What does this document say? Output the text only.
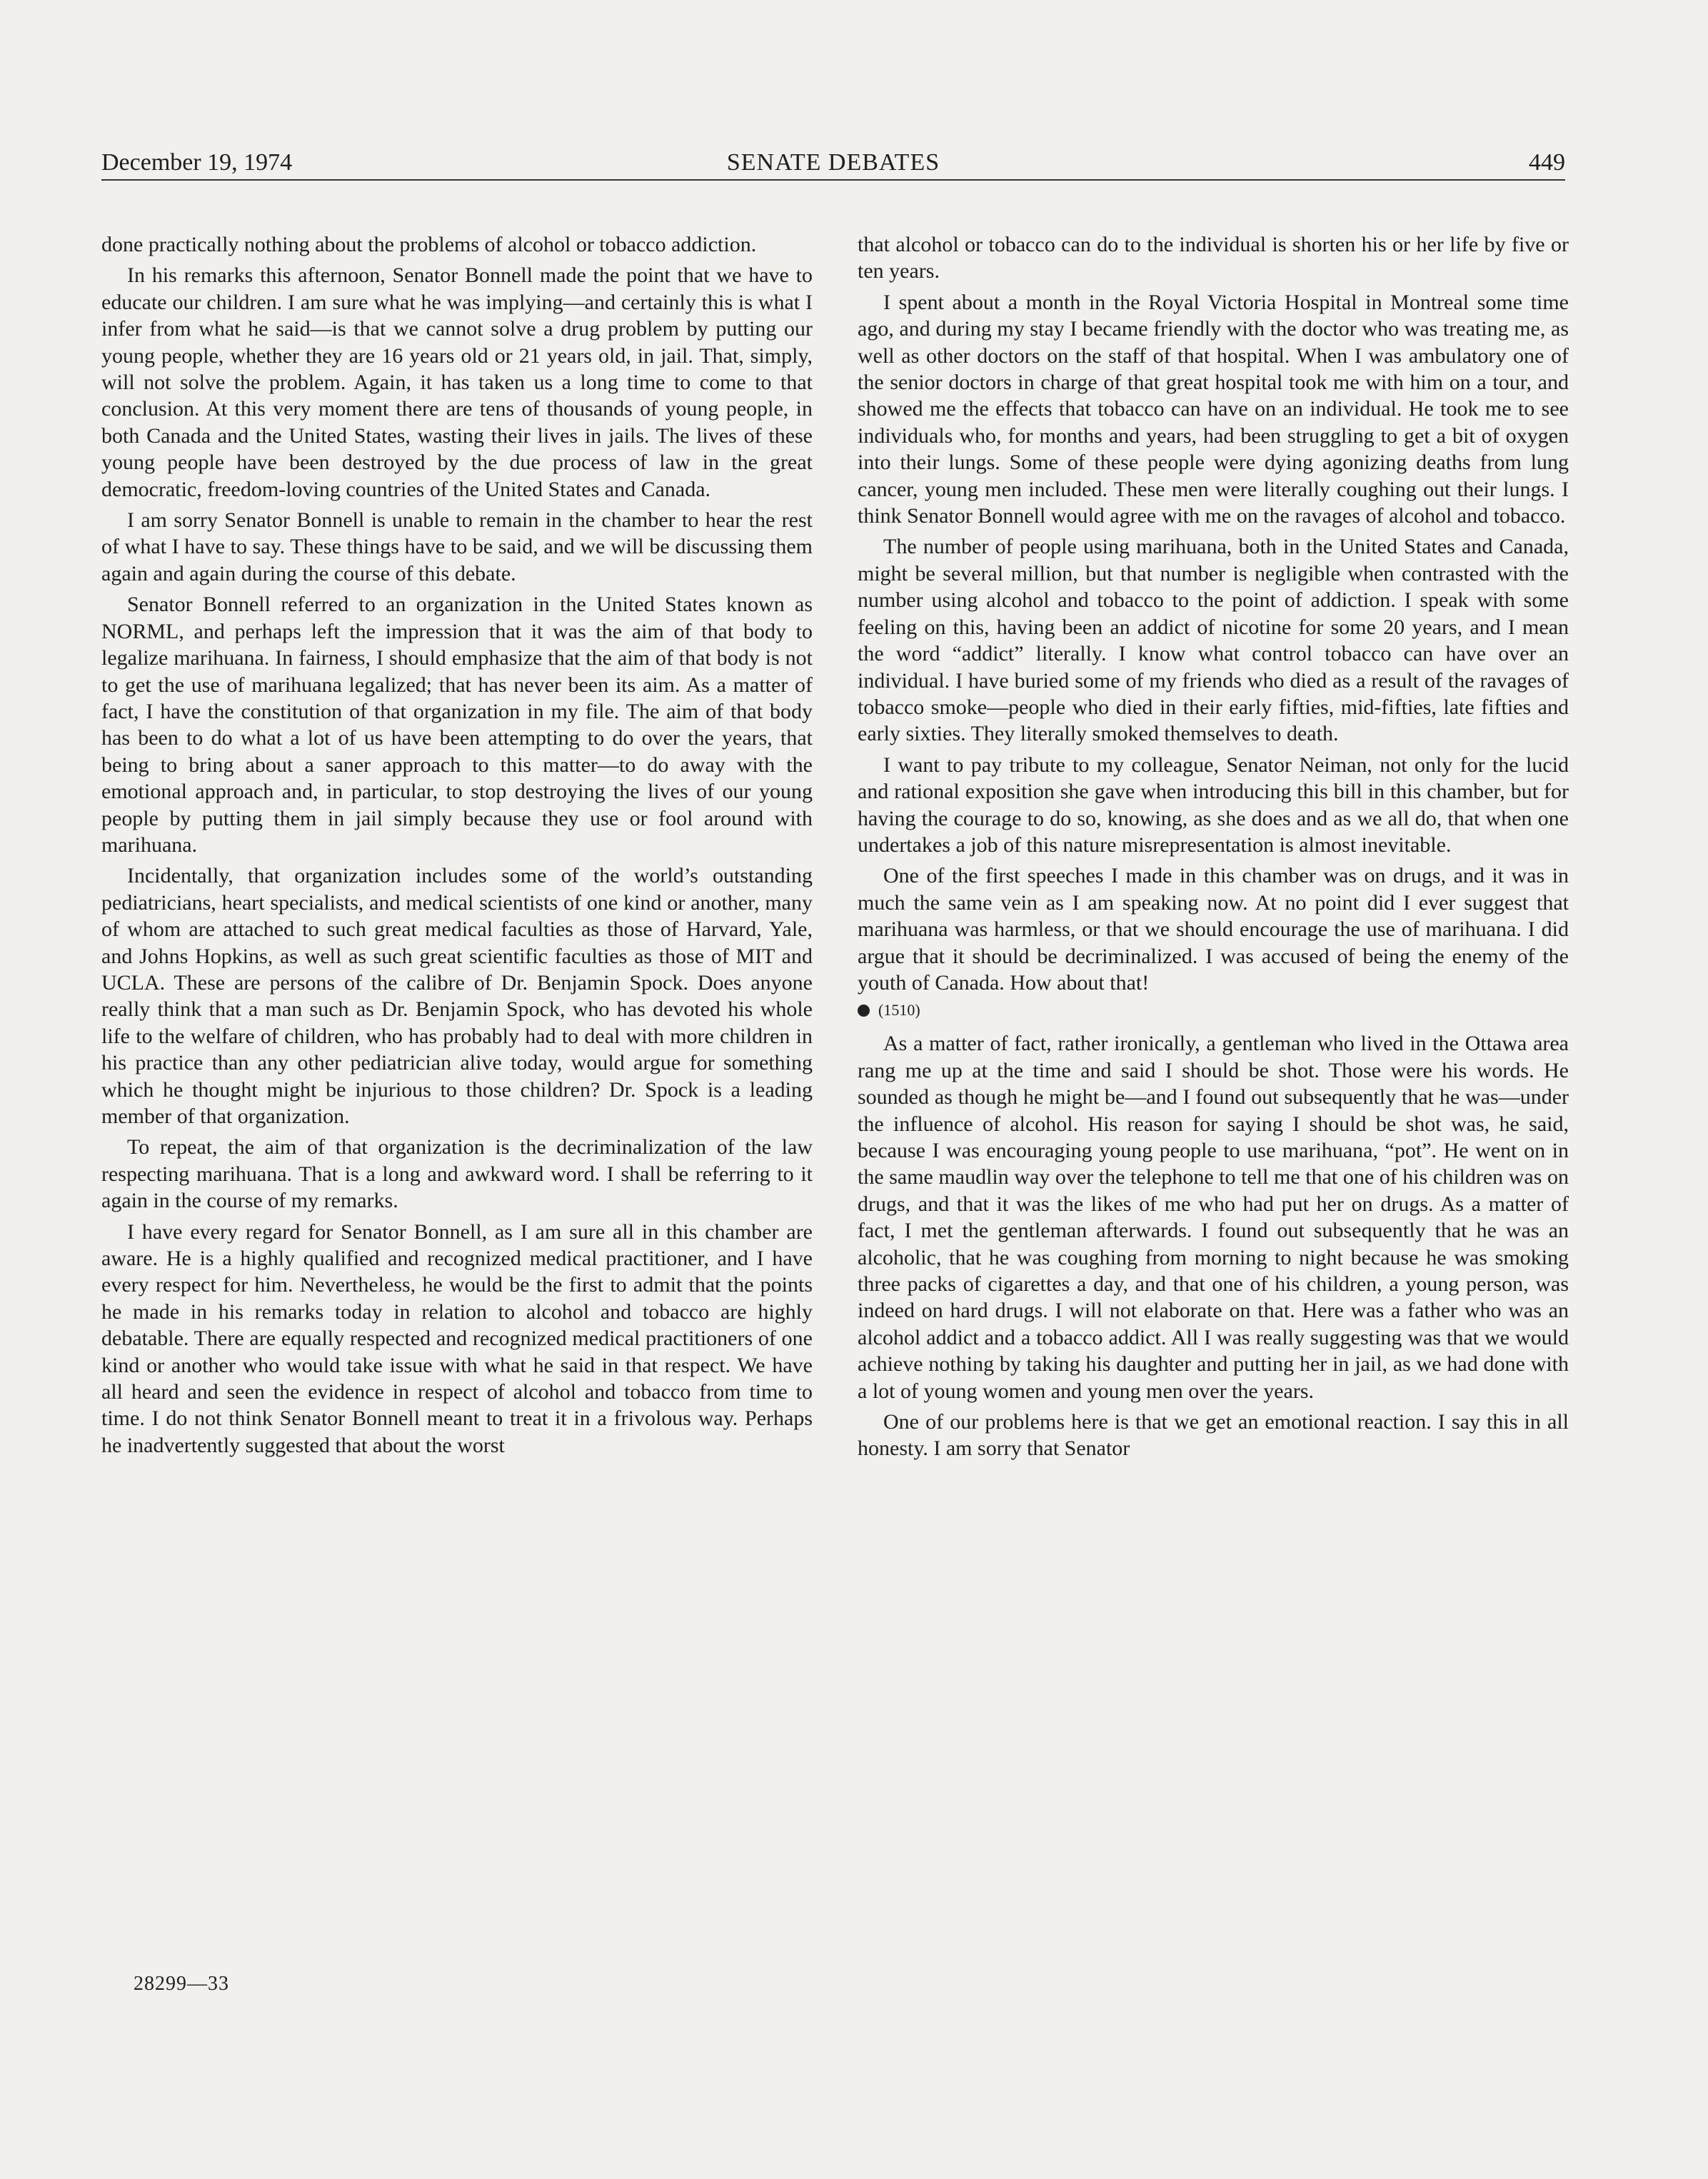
December 19, 1974	SENATE DEBATES	449

done practically nothing about the problems of alcohol or tobacco addiction.

In his remarks this afternoon, Senator Bonnell made the point that we have to educate our children. I am sure what he was implying—and certainly this is what I infer from what he said—is that we cannot solve a drug problem by putting our young people, whether they are 16 years old or 21 years old, in jail. That, simply, will not solve the problem. Again, it has taken us a long time to come to that conclusion. At this very moment there are tens of thousands of young people, in both Canada and the United States, wasting their lives in jails. The lives of these young people have been destroyed by the due process of law in the great democratic, freedom-loving countries of the United States and Canada.

I am sorry Senator Bonnell is unable to remain in the chamber to hear the rest of what I have to say. These things have to be said, and we will be discussing them again and again during the course of this debate.

Senator Bonnell referred to an organization in the United States known as NORML, and perhaps left the impression that it was the aim of that body to legalize marihuana. In fairness, I should emphasize that the aim of that body is not to get the use of marihuana legalized; that has never been its aim. As a matter of fact, I have the constitution of that organization in my file. The aim of that body has been to do what a lot of us have been attempting to do over the years, that being to bring about a saner approach to this matter—to do away with the emotional approach and, in particular, to stop destroying the lives of our young people by putting them in jail simply because they use or fool around with marihuana.

Incidentally, that organization includes some of the world’s outstanding pediatricians, heart specialists, and medical scientists of one kind or another, many of whom are attached to such great medical faculties as those of Harvard, Yale, and Johns Hopkins, as well as such great scientific faculties as those of MIT and UCLA. These are persons of the calibre of Dr. Benjamin Spock. Does anyone really think that a man such as Dr. Benjamin Spock, who has devoted his whole life to the welfare of children, who has probably had to deal with more children in his practice than any other pediatrician alive today, would argue for something which he thought might be injurious to those children? Dr. Spock is a leading member of that organization.

To repeat, the aim of that organization is the decriminalization of the law respecting marihuana. That is a long and awkward word. I shall be referring to it again in the course of my remarks.

I have every regard for Senator Bonnell, as I am sure all in this chamber are aware. He is a highly qualified and recognized medical practitioner, and I have every respect for him. Nevertheless, he would be the first to admit that the points he made in his remarks today in relation to alcohol and tobacco are highly debatable. There are equally respected and recognized medical practitioners of one kind or another who would take issue with what he said in that respect. We have all heard and seen the evidence in respect of alcohol and tobacco from time to time. I do not think Senator Bonnell meant to treat it in a frivolous way. Perhaps he inadvertently suggested that about the worst

that alcohol or tobacco can do to the individual is shorten his or her life by five or ten years.

I spent about a month in the Royal Victoria Hospital in Montreal some time ago, and during my stay I became friendly with the doctor who was treating me, as well as other doctors on the staff of that hospital. When I was ambulatory one of the senior doctors in charge of that great hospital took me with him on a tour, and showed me the effects that tobacco can have on an individual. He took me to see individuals who, for months and years, had been struggling to get a bit of oxygen into their lungs. Some of these people were dying agonizing deaths from lung cancer, young men included. These men were literally coughing out their lungs. I think Senator Bonnell would agree with me on the ravages of alcohol and tobacco.

The number of people using marihuana, both in the United States and Canada, might be several million, but that number is negligible when contrasted with the number using alcohol and tobacco to the point of addiction. I speak with some feeling on this, having been an addict of nicotine for some 20 years, and I mean the word “addict” literally. I know what control tobacco can have over an individual. I have buried some of my friends who died as a result of the ravages of tobacco smoke—people who died in their early fifties, mid-fifties, late fifties and early sixties. They literally smoked themselves to death.

I want to pay tribute to my colleague, Senator Neiman, not only for the lucid and rational exposition she gave when introducing this bill in this chamber, but for having the courage to do so, knowing, as she does and as we all do, that when one undertakes a job of this nature misrepresentation is almost inevitable.

One of the first speeches I made in this chamber was on drugs, and it was in much the same vein as I am speaking now. At no point did I ever suggest that marihuana was harmless, or that we should encourage the use of marihuana. I did argue that it should be decriminalized. I was accused of being the enemy of the youth of Canada. How about that!

(1510)

As a matter of fact, rather ironically, a gentleman who lived in the Ottawa area rang me up at the time and said I should be shot. Those were his words. He sounded as though he might be—and I found out subsequently that he was—under the influence of alcohol. His reason for saying I should be shot was, he said, because I was encouraging young people to use marihuana, “pot”. He went on in the same maudlin way over the telephone to tell me that one of his children was on drugs, and that it was the likes of me who had put her on drugs. As a matter of fact, I met the gentleman afterwards. I found out subsequently that he was an alcoholic, that he was coughing from morning to night because he was smoking three packs of cigarettes a day, and that one of his children, a young person, was indeed on hard drugs. I will not elaborate on that. Here was a father who was an alcohol addict and a tobacco addict. All I was really suggesting was that we would achieve nothing by taking his daughter and putting her in jail, as we had done with a lot of young women and young men over the years.

One of our problems here is that we get an emotional reaction. I say this in all honesty. I am sorry that Senator

28299—33
